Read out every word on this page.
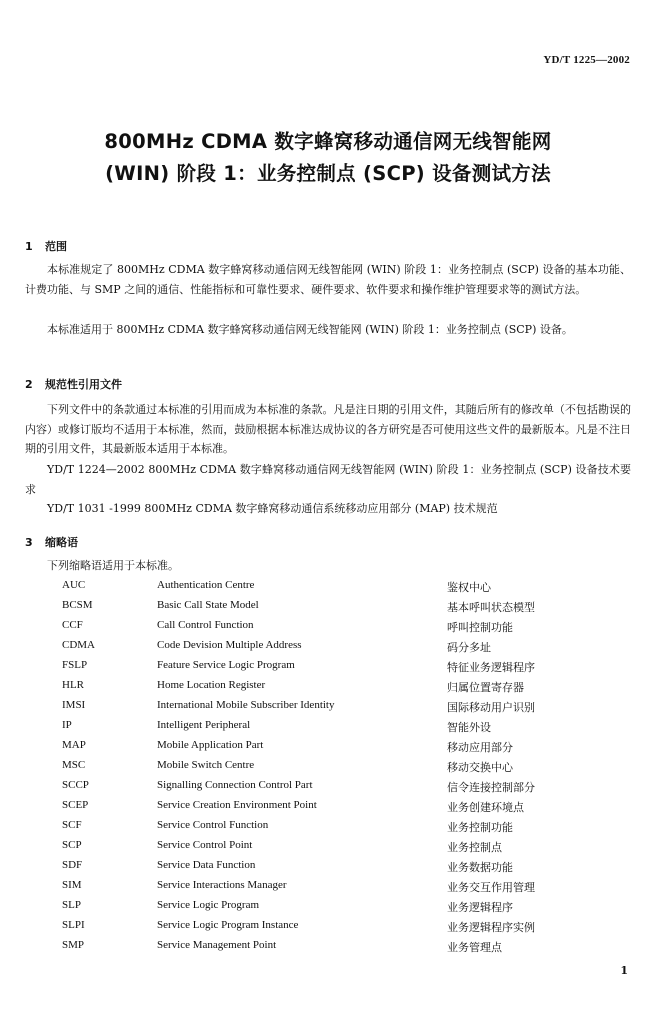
YD/T 1225—2002
800MHz CDMA 数字蜂窝移动通信网无线智能网
(WIN) 阶段 1：业务控制点 (SCP) 设备测试方法
1 范围
本标准规定了 800MHz CDMA 数字蜂窝移动通信网无线智能网 (WIN) 阶段 1：业务控制点 (SCP) 设备的基本功能、计费功能、与 SMP 之间的通信、性能指标和可靠性要求、硬件要求、软件要求和操作维护管理要求等的测试方法。
本标准适用于 800MHz CDMA 数字蜂窝移动通信网无线智能网 (WIN) 阶段 1：业务控制点 (SCP) 设备。
2 规范性引用文件
下列文件中的条款通过本标准的引用而成为本标准的条款。凡是注日期的引用文件，其随后所有的修改单（不包括勘误的内容）或修订版均不适用于本标准，然而，鼓励根据本标准达成协议的各方研究是否可使用这些文件的最新版本。凡是不注日期的引用文件，其最新版本适用于本标准。
YD/T 1224—2002 800MHz CDMA 数字蜂窝移动通信网无线智能网 (WIN) 阶段 1：业务控制点 (SCP) 设备技术要求
YD/T 1031 -1999 800MHz CDMA 数字蜂窝移动通信系统移动应用部分 (MAP) 技术规范
3 缩略语
下列缩略语适用于本标准。
AUC	Authentication Centre	鉴权中心
BCSM	Basic Call State Model	基本呼叫状态模型
CCF	Call Control Function	呼叫控制功能
CDMA	Code Devision Multiple Address	码分多址
FSLP	Feature Service Logic Program	特征业务逻辑程序
HLR	Home Location Register	归属位置寄存器
IMSI	International Mobile Subscriber Identity	国际移动用户识别
IP	Intelligent Peripheral	智能外设
MAP	Mobile Application Part	移动应用部分
MSC	Mobile Switch Centre	移动交换中心
SCCP	Signalling Connection Control Part	信令连接控制部分
SCEP	Service Creation Environment Point	业务创建环境点
SCF	Service Control Function	业务控制功能
SCP	Service Control Point	业务控制点
SDF	Service Data Function	业务数据功能
SIM	Service Interactions Manager	业务交互作用管理
SLP	Service Logic Program	业务逻辑程序
SLPI	Service Logic Program Instance	业务逻辑程序实例
SMP	Service Management Point	业务管理点
1
